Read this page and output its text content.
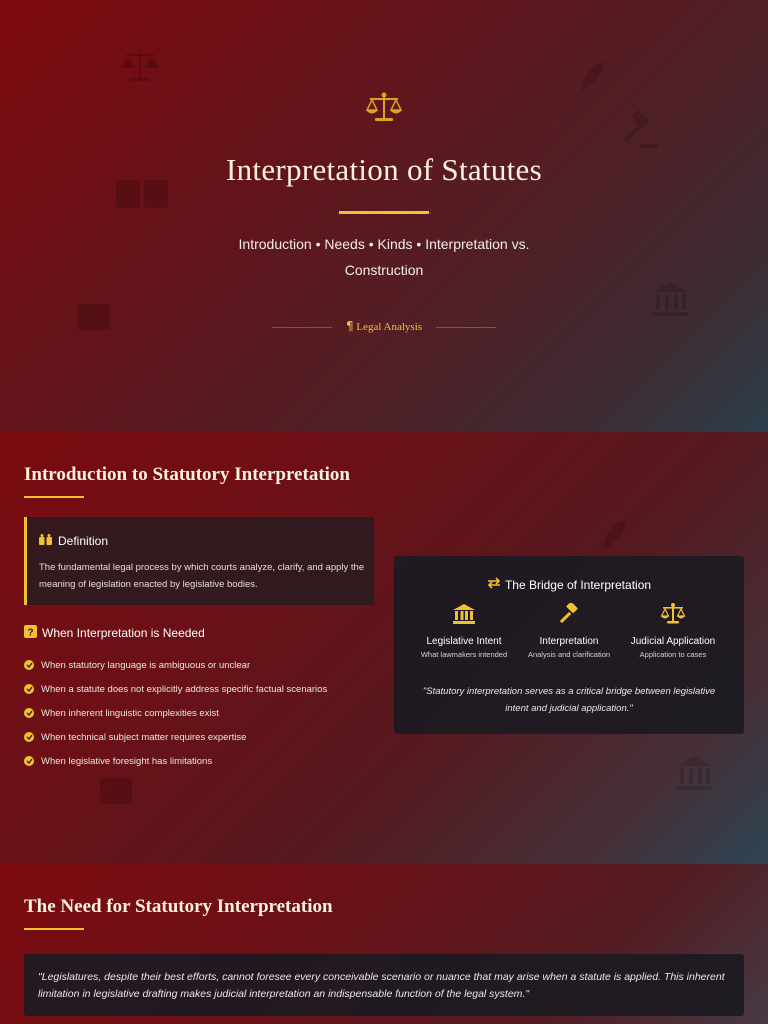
Interpretation of Statutes
Introduction • Needs • Kinds • Interpretation vs. Construction
¶ Legal Analysis
Introduction to Statutory Interpretation
Definition
The fundamental legal process by which courts analyze, clarify, and apply the meaning of legislation enacted by legislative bodies.
? When Interpretation is Needed
When statutory language is ambiguous or unclear
When a statute does not explicitly address specific factual scenarios
When inherent linguistic complexities exist
When technical subject matter requires expertise
When legislative foresight has limitations
The Bridge of Interpretation
Legislative Intent
What lawmakers intended
Interpretation
Analysis and clarification
Judicial Application
Application to cases
"Statutory interpretation serves as a critical bridge between legislative intent and judicial application."
The Need for Statutory Interpretation
"Legislatures, despite their best efforts, cannot foresee every conceivable scenario or nuance that may arise when a statute is applied. This inherent limitation in legislative drafting makes judicial interpretation an indispensable function of the legal system."
